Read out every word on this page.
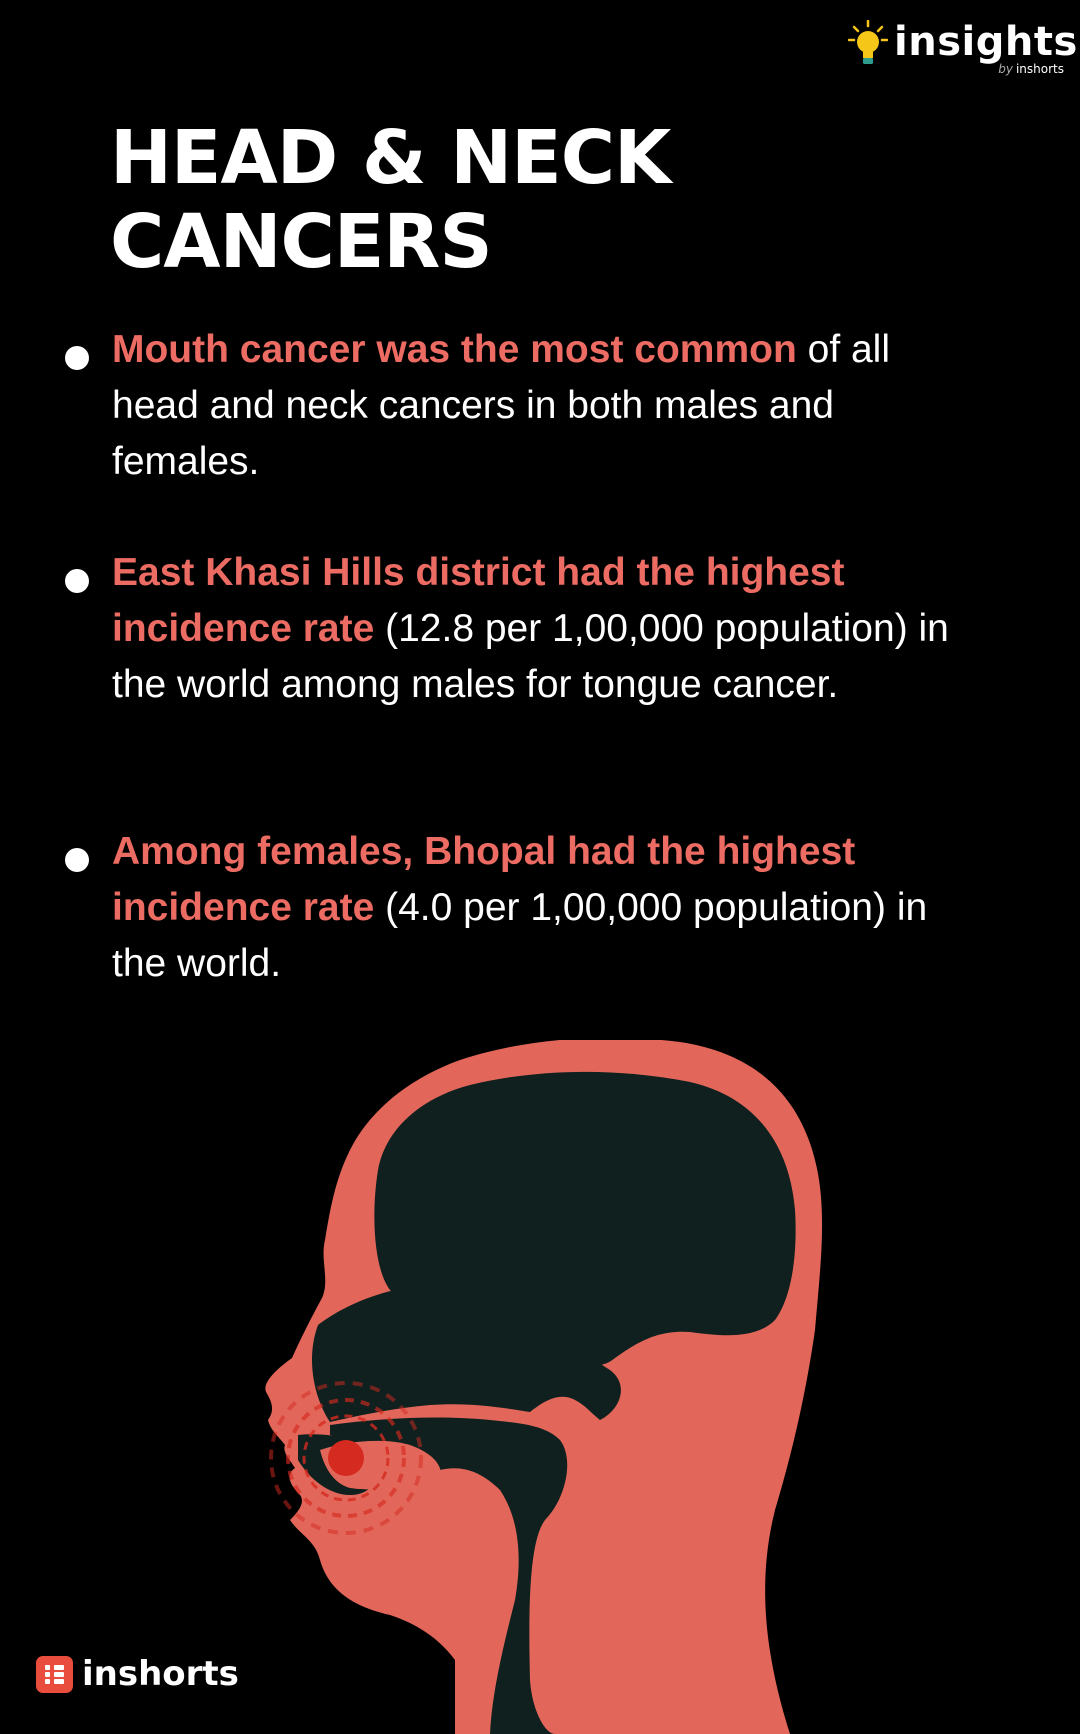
insights
by inshorts
HEAD & NECK CANCERS

Mouth cancer was the most common of all head and neck cancers in both males and females.

East Khasi Hills district had the highest incidence rate (12.8 per 1,00,000 population) in the world among males for tongue cancer.

Among females, Bhopal had the highest incidence rate (4.0 per 1,00,000 population) in the world.

inshorts
